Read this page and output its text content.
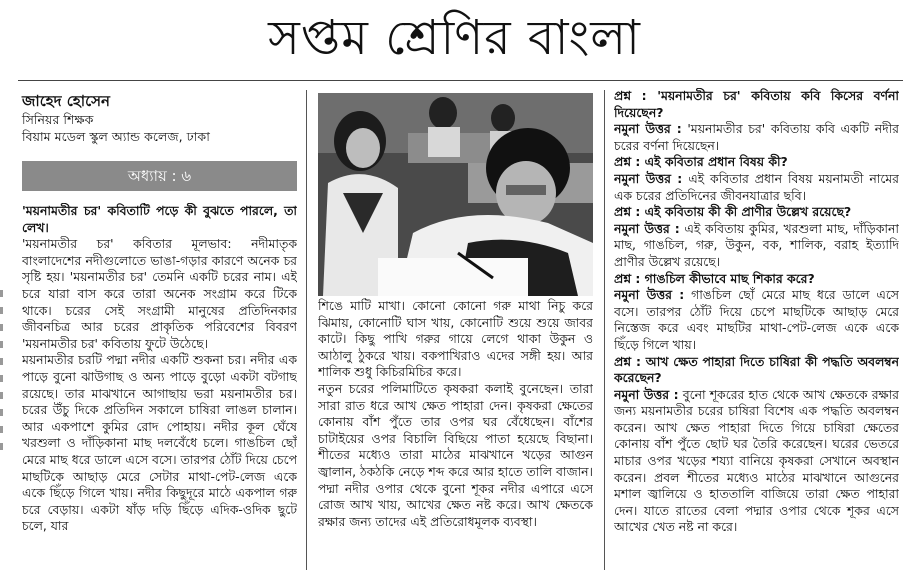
সপ্তম শ্রেণির বাংলা
জাহেদ হোসেন
সিনিয়র শিক্ষক
বিয়াম মডেল স্কুল অ্যান্ড কলেজ, ঢাকা
অধ্যায় : ৬

'ময়নামতীর চর' কবিতাটি পড়ে কী বুঝতে পারলে, তা লেখ।

'ময়নামতীর চর' কবিতার মূলভাব: নদীমাতৃক বাংলাদেশের নদীগুলোতে ভাঙা-গড়ার কারণে অনেক চর সৃষ্টি হয়। 'ময়নামতীর চর' তেমনি একটি চরের নাম। এই চরে যারা বাস করে তারা অনেক সংগ্রাম করে টিকে থাকে। চরের সেই সংগ্রামী মানুষের প্রতিদিনকার জীবনচিত্র আর চরের প্রাকৃতিক পরিবেশের বিবরণ 'ময়নামতীর চর' কবিতায় ফুটে উঠেছে।

ময়নামতীর চরটি পদ্মা নদীর একটি শুকনা চর। নদীর এক পাড়ে বুনো ঝাউগাছ ও অন্য পাড়ে বুড়ো একটা বটগাছ রয়েছে। তার মাঝখানে আগাছায় ভরা ময়নামতীর চর। চরের উঁচু দিকে প্রতিদিন সকালে চাষিরা লাঙল চালান। আর একপাশে কুমির রোদ পোহায়। নদীর কূল ঘেঁষে খরশুলা ও দাঁড়িকানা মাছ দলবেঁধে চলে। গাঙচিল ছোঁ মেরে মাছ ধরে ডালে এসে বসে। তারপর ঠোঁট দিয়ে চেপে মাছটিকে আছাড় মেরে সেটার মাথা-পেট-লেজ একে একে ছিঁড়ে গিলে খায়। নদীর কিছুদূরে মাঠে একপাল গরু চরে বেড়ায়। একটা ষাঁড় দড়ি ছিঁড়ে এদিক-ওদিক ছুটে চলে, যার

শিঙে মাটি মাখা। কোনো কোনো গরু মাথা নিচু করে ঝিমায়, কোনোটি ঘাস খায়, কোনোটি শুয়ে শুয়ে জাবর কাটে। কিছু পাখি গরুর গায়ে লেগে থাকা উকুন ও আঠালু ঠুকরে খায়। বকপাখিরাও এদের সঙ্গী হয়। আর শালিক শুধু কিচিরমিচির করে।

নতুন চরের পলিমাটিতে কৃষকরা কলাই বুনেছেন। তারা সারা রাত ধরে আখ ক্ষেত পাহারা দেন। কৃষকরা ক্ষেতের কোনায় বাঁশ পুঁতে তার ওপর ঘর বেঁধেছেন। বাঁশের চাটাইয়ের ওপর বিচালি বিছিয়ে পাতা হয়েছে বিছানা। শীতের মধ্যেও তারা মাঠের মাঝখানে খড়ের আগুন জ্বালান, ঠকঠকি নেড়ে শব্দ করে আর হাতে তালি বাজান। পদ্মা নদীর ওপার থেকে বুনো শূকর নদীর এপারে এসে রোজ আখ খায়, আখের ক্ষেত নষ্ট করে। আখ ক্ষেতকে রক্ষার জন্য তাদের এই প্রতিরোধমূলক ব্যবস্থা।

প্রশ্ন : 'ময়নামতীর চর' কবিতায় কবি কিসের বর্ণনা দিয়েছেন?

নমুনা উত্তর : 'ময়নামতীর চর' কবিতায় কবি একটি নদীর চরের বর্ণনা দিয়েছেন।

প্রশ্ন : এই কবিতার প্রধান বিষয় কী?

নমুনা উত্তর : এই কবিতার প্রধান বিষয় ময়নামতী নামের এক চরের প্রতিদিনের জীবনযাত্রার ছবি।

প্রশ্ন : এই কবিতায় কী কী প্রাণীর উল্লেখ রয়েছে?

নমুনা উত্তর : এই কবিতায় কুমির, খরশুলা মাছ, দাঁড়িকানা মাছ, গাঙচিল, গরু, উকুন, বক, শালিক, বরাহ ইত্যাদি প্রাণীর উল্লেখ রয়েছে।

প্রশ্ন : গাঙচিল কীভাবে মাছ শিকার করে?

নমুনা উত্তর : গাঙচিল ছোঁ মেরে মাছ ধরে ডালে এসে বসে। তারপর ঠোঁট দিয়ে চেপে মাছটিকে আছাড় মেরে নিস্তেজ করে এবং মাছটির মাথা-পেট-লেজ একে একে ছিঁড়ে গিলে খায়।

প্রশ্ন : আখ ক্ষেত পাহারা দিতে চাষিরা কী পদ্ধতি অবলম্বন করেছেন?

নমুনা উত্তর : বুনো শূকরের হাত থেকে আখ ক্ষেতকে রক্ষার জন্য ময়নামতীর চরের চাষিরা বিশেষ এক পদ্ধতি অবলম্বন করেন। আখ ক্ষেত পাহারা দিতে গিয়ে চাষিরা ক্ষেতের কোনায় বাঁশ পুঁতে ছোট ঘর তৈরি করেছেন। ঘরের ভেতরে মাচার ওপর খড়ের শয্যা বানিয়ে কৃষকরা সেখানে অবস্থান করেন। প্রবল শীতের মধ্যেও মাঠের মাঝখানে আগুনের মশাল জ্বালিয়ে ও হাততালি বাজিয়ে তারা ক্ষেত পাহারা দেন। যাতে রাতের বেলা পদ্মার ওপার থেকে শূকর এসে আখের খেত নষ্ট না করে।
